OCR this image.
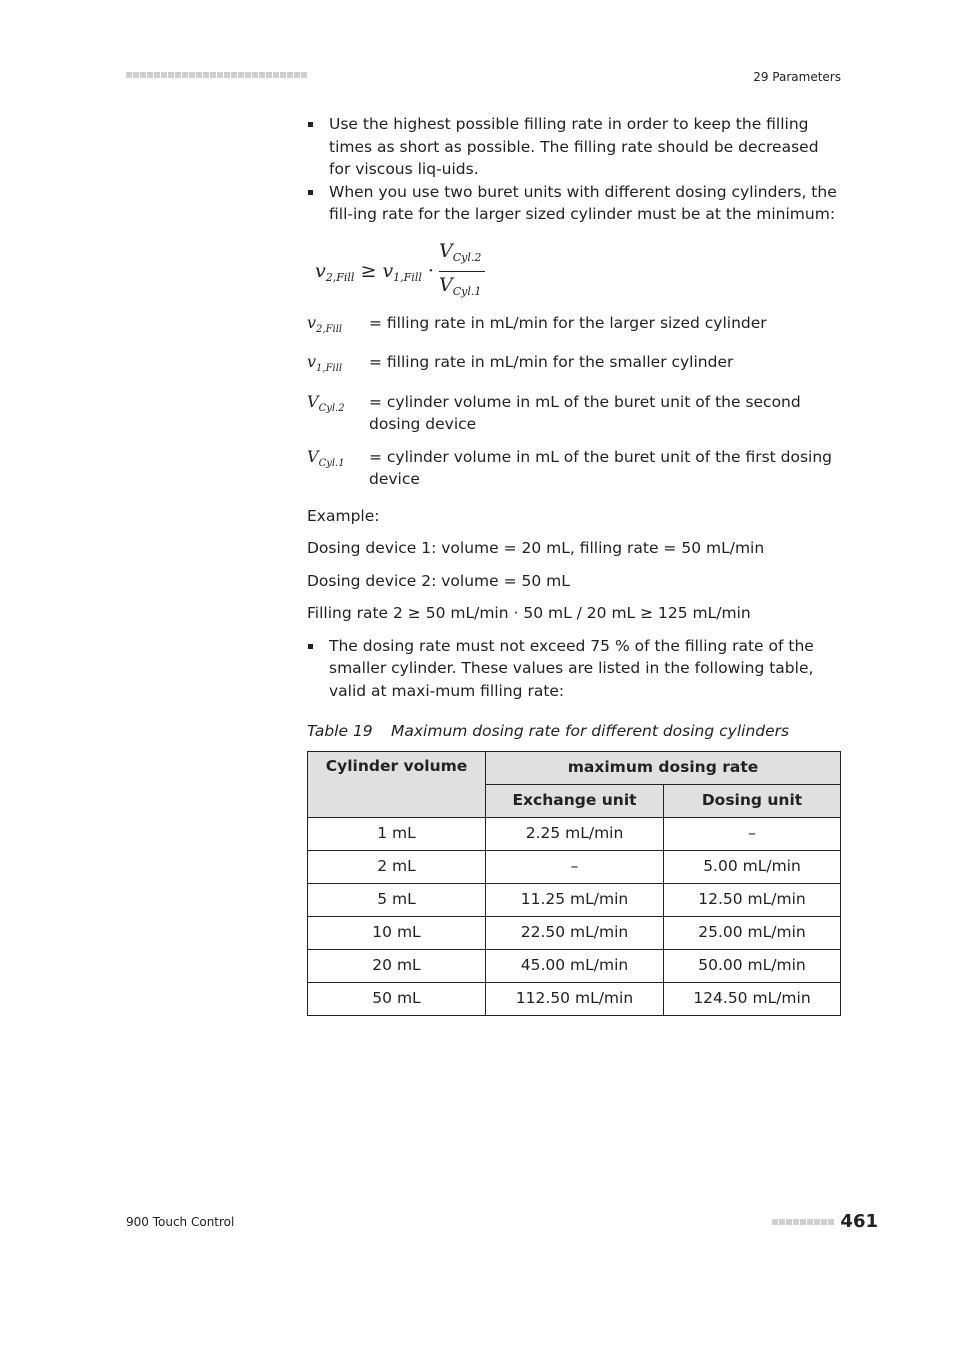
29 Parameters
Use the highest possible filling rate in order to keep the filling times as short as possible. The filling rate should be decreased for viscous liq-uids.
When you use two buret units with different dosing cylinders, the fill-ing rate for the larger sized cylinder must be at the minimum:
$v_{2,Fill} \ge v_{1,Fill}$ ·
$V_{Cyl.2}$
$V_{Cyl.1}$
$v_{2,Fill}$	= filling rate in mL/min for the larger sized cylinder
$v_{1,Fill}$	= filling rate in mL/min for the smaller cylinder
$V_{Cyl.2}$	= cylinder volume in mL of the buret unit of the second dosing device
$V_{Cyl.1}$	= cylinder volume in mL of the buret unit of the first dosing device

Example:

Dosing device 1: volume = 20 mL, filling rate = 50 mL/min

Dosing device 2: volume = 50 mL

Filling rate 2 ≥ 50 mL/min · 50 mL / 20 mL ≥ 125 mL/min

The dosing rate must not exceed 75 % of the filling rate of the smaller cylinder. These values are listed in the following table, valid at maxi-mum filling rate:
Table 19 Maximum dosing rate for different dosing cylinders
Cylinder volume	maximum dosing rate	
	Exchange unit	Dosing unit
1 mL	2.25 mL/min	–
2 mL	–	5.00 mL/min
5 mL	11.25 mL/min	12.50 mL/min
10 mL	22.50 mL/min	25.00 mL/min
20 mL	45.00 mL/min	50.00 mL/min
50 mL	112.50 mL/min	124.50 mL/min
900 Touch Control	461
